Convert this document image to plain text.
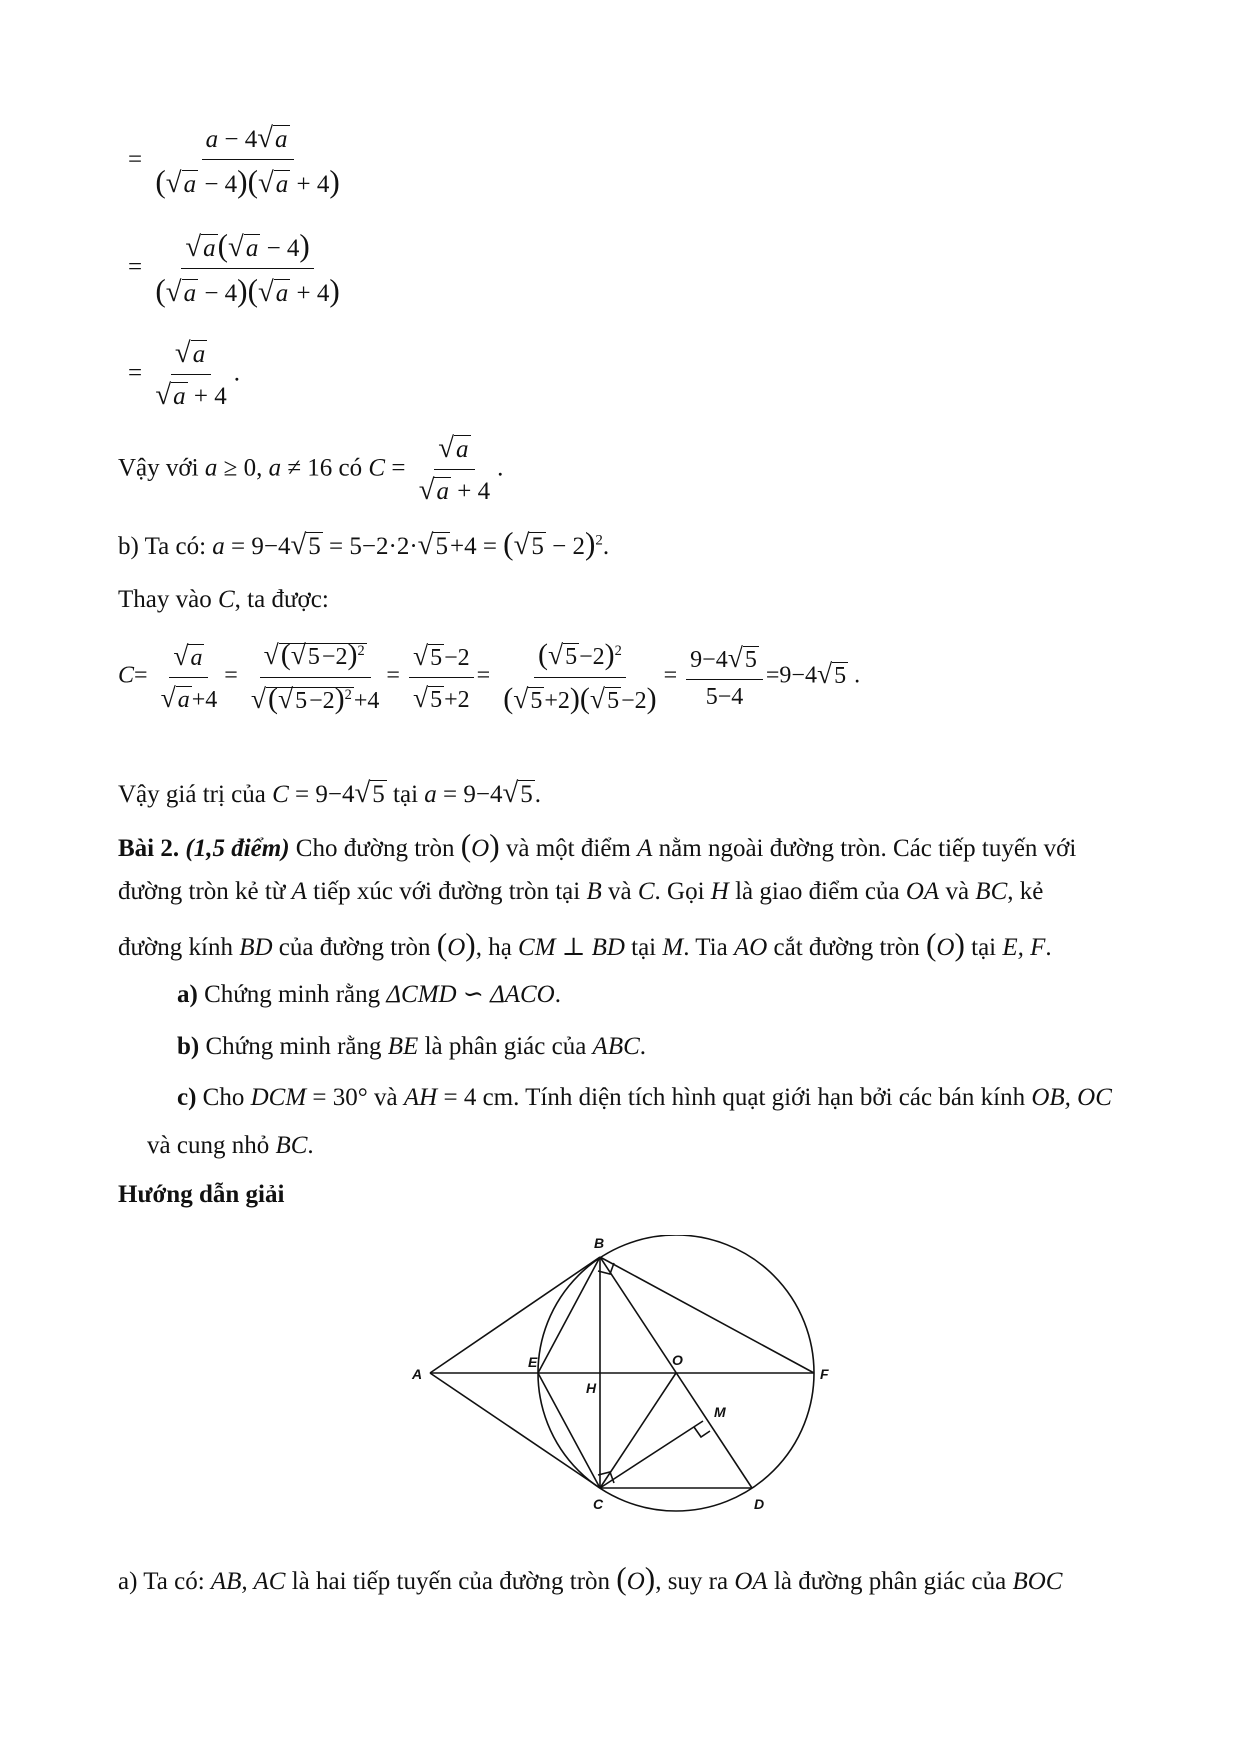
= $\frac{a - 4√a}{(√a - 4)(√a + 4)}$
= $\frac{√a(√a - 4)}{(√a - 4)(√a + 4)}$
= $\frac{√a}{√a + 4}$ .
Vậy với a ≥ 0, a ≠ 16 có $C = \frac{√a}{√a + 4}$ .
b) Ta có: $a = 9-4√5 = 5-2\cdot 2\cdot√5+4 = (√5 - 2)^2$.
Thay vào C, ta được:
$C= \frac{√a}{√a+4} = \frac{√(√5-2)^2}{√(√5-2)^2+4} = \frac{√5-2}{√5+2} = \frac{(√5-2)^2}{(√5+2)(√5-2)} = \frac{9-4√5}{5-4} =9-4√5$ .
Vậy giá trị của C = 9−4√5 tại a = 9−4√5.
Bài 2. (1,5 điểm) Cho đường tròn (O) và một điểm A nằm ngoài đường tròn. Các tiếp tuyến với
đường tròn kẻ từ A tiếp xúc với đường tròn tại B và C. Gọi H là giao điểm của OA và BC, kẻ
đường kính BD của đường tròn (O), hạ CM ⊥ BD tại M. Tia AO cắt đường tròn (O) tại E, F.
a) Chứng minh rằng ΔCMD ∽ ΔACO.
b) Chứng minh rằng BE là phân giác của ABC.
c) Cho DCM = 30° và AH = 4 cm. Tính diện tích hình quạt giới hạn bởi các bán kính OB, OC
và cung nhỏ BC.
Hướng dẫn giải
A
B
C	D
E
F
O
H
M
a) Ta có: AB, AC là hai tiếp tuyến của đường tròn (O), suy ra OA là đường phân giác của BOC
